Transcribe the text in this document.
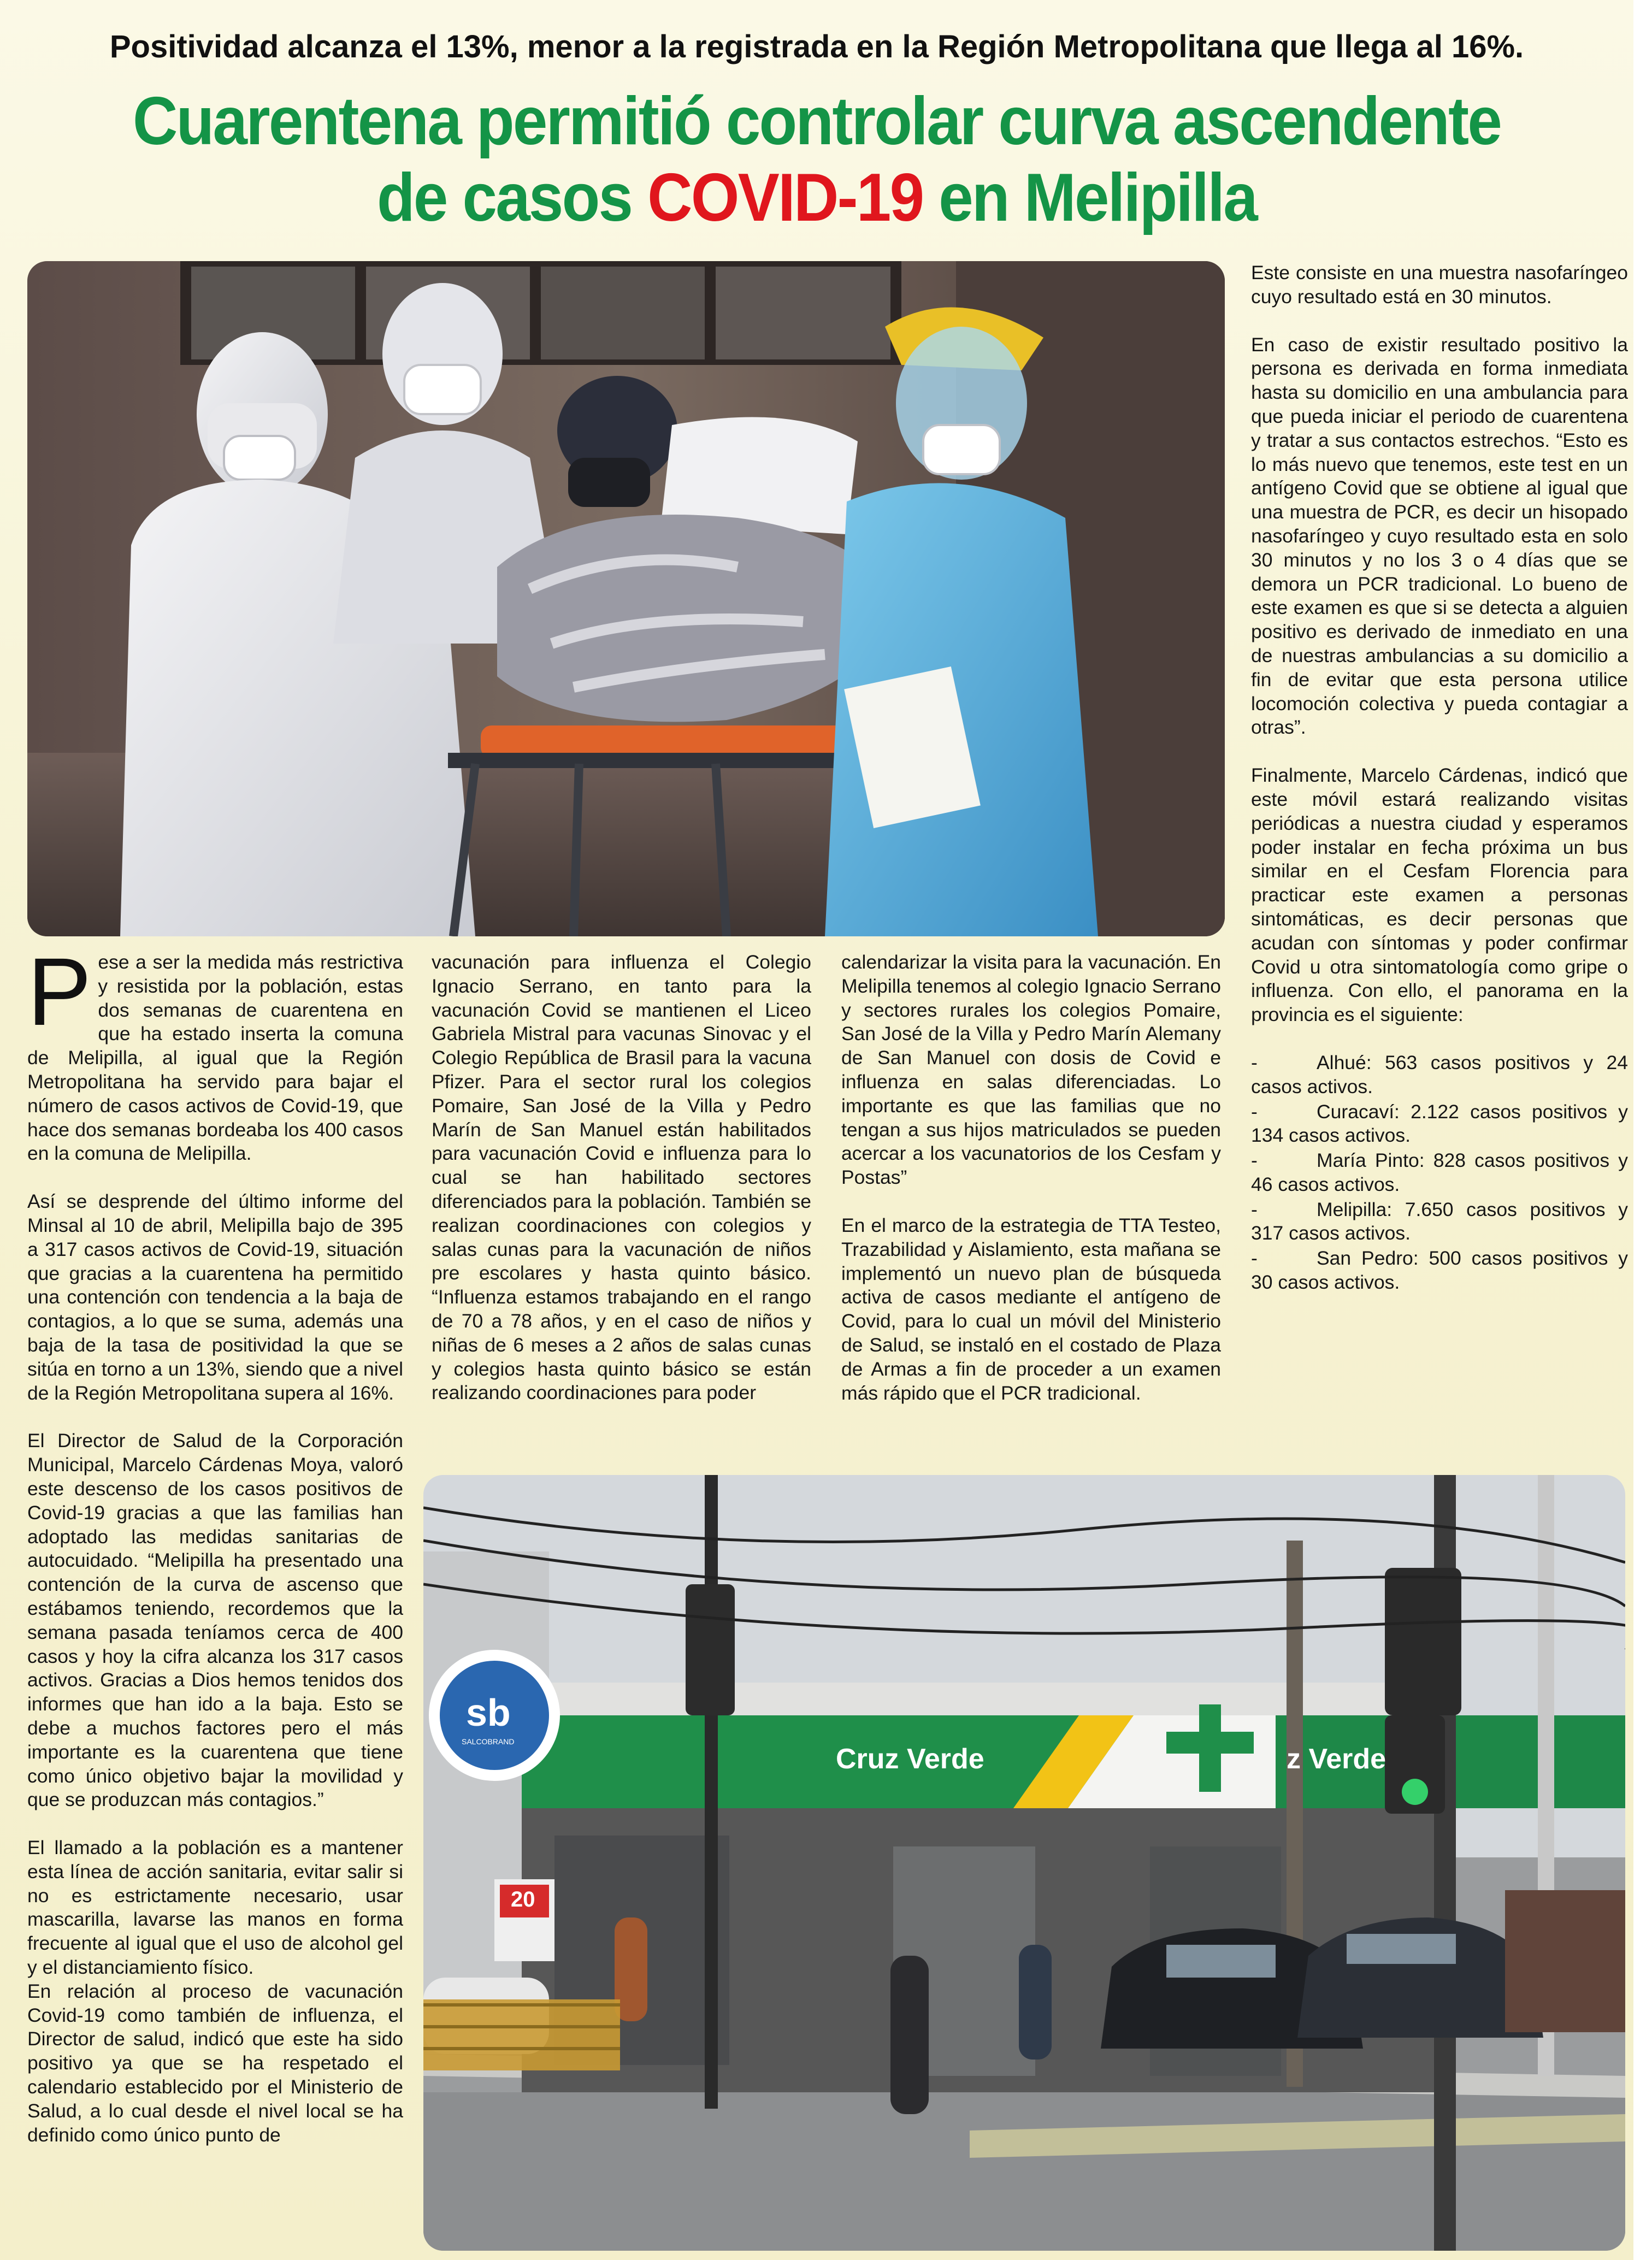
Positividad alcanza el 13%, menor a la registrada en la Región Metropolitana que llega al 16%.
Cuarentena permitió controlar curva ascendente
de casos COVID-19 en Melipilla
Cruz Verde	z Verde
sb
SALCOBRAND
20

Pese a ser la medida más restrictiva y resistida por la población, estas dos semanas de cuarentena en que ha estado inserta la comuna de Melipilla, al igual que la Región Metropolitana ha servido para bajar el número de casos activos de Covid-19, que hace dos semanas bordeaba los 400 casos en la comuna de Melipilla.

Así se desprende del último informe del Minsal al 10 de abril, Melipilla bajo de 395 a 317 casos activos de Covid-19, situación que gracias a la cuarentena ha permitido una contención con tendencia a la baja de contagios, a lo que se suma, además una baja de la tasa de positividad la que se sitúa en torno a un 13%, siendo que a nivel de la Región Metropolitana supera al 16%.

El Director de Salud de la Corporación Municipal, Marcelo Cárdenas Moya, valoró este descenso de los casos positivos de Covid-19 gracias a que las familias han adoptado las medidas sanitarias de autocuidado. “Melipilla ha presentado una contención de la curva de ascenso que estábamos teniendo, recordemos que la semana pasada teníamos cerca de 400 casos y hoy la cifra alcanza los 317 casos activos. Gracias a Dios hemos tenidos dos informes que han ido a la baja. Esto se debe a muchos factores pero el más importante es la cuarentena que tiene como único objetivo bajar la movilidad y que se produzcan más contagios.”

El llamado a la población es a mantener esta línea de acción sanitaria, evitar salir si no es estrictamente necesario, usar mascarilla, lavarse las manos en forma frecuente al igual que el uso de alcohol gel y el distanciamiento físico.

En relación al proceso de vacunación Covid-19 como también de influenza, el Director de salud, indicó que este ha sido positivo ya que se ha respetado el calendario establecido por el Ministerio de Salud, a lo cual desde el nivel local se ha definido como único punto de

vacunación para influenza el Colegio Ignacio Serrano, en tanto para la vacunación Covid se mantienen el Liceo Gabriela Mistral para vacunas Sinovac y el Colegio República de Brasil para la vacuna Pfizer. Para el sector rural los colegios Pomaire, San José de la Villa y Pedro Marín de San Manuel están habilitados para vacunación Covid e influenza para lo cual se han habilitado sectores diferenciados para la población. También se realizan coordinaciones con colegios y salas cunas para la vacunación de niños pre escolares y hasta quinto básico. “Influenza estamos trabajando en el rango de 70 a 78 años, y en el caso de niños y niñas de 6 meses a 2 años de salas cunas y colegios hasta quinto básico se están realizando coordinaciones para poder

calendarizar la visita para la vacunación. En Melipilla tenemos al colegio Ignacio Serrano y sectores rurales los colegios Pomaire, San José de la Villa y Pedro Marín Alemany de San Manuel con dosis de Covid e influenza en salas diferenciadas. Lo importante es que las familias que no tengan a sus hijos matriculados se pueden acercar a los vacunatorios de los Cesfam y Postas”

En el marco de la estrategia de TTA Testeo, Trazabilidad y Aislamiento, esta mañana se implementó un nuevo plan de búsqueda activa de casos mediante el antígeno de Covid, para lo cual un móvil del Ministerio de Salud, se instaló en el costado de Plaza de Armas a fin de proceder a un examen más rápido que el PCR tradicional.

Este consiste en una muestra nasofaríngeo cuyo resultado está en 30 minutos.

En caso de existir resultado positivo la persona es derivada en forma inmediata hasta su domicilio en una ambulancia para que pueda iniciar el periodo de cuarentena y tratar a sus contactos estrechos. “Esto es lo más nuevo que tenemos, este test en un antígeno Covid que se obtiene al igual que una muestra de PCR, es decir un hisopado nasofaríngeo y cuyo resultado esta en solo 30 minutos y no los 3 o 4 días que se demora un PCR tradicional. Lo bueno de este examen es que si se detecta a alguien positivo es derivado de inmediato en una de nuestras ambulancias a su domicilio a fin de evitar que esta persona utilice locomoción colectiva y pueda contagiar a otras”.

Finalmente, Marcelo Cárdenas, indicó que este móvil estará realizando visitas periódicas a nuestra ciudad y esperamos poder instalar en fecha próxima un bus similar en el Cesfam Florencia para practicar este examen a personas sintomáticas, es decir personas que acudan con síntomas y poder confirmar Covid u otra sintomatología como gripe o influenza. Con ello, el panorama en la provincia es el siguiente:

-	Alhué: 563 casos positivos y 24 casos activos.
-	Curacaví: 2.122 casos positivos y 134 casos activos.
-	María Pinto: 828 casos positivos y 46 casos activos.
-	Melipilla: 7.650 casos positivos y 317 casos activos.
-	San Pedro: 500 casos positivos y 30 casos activos.
